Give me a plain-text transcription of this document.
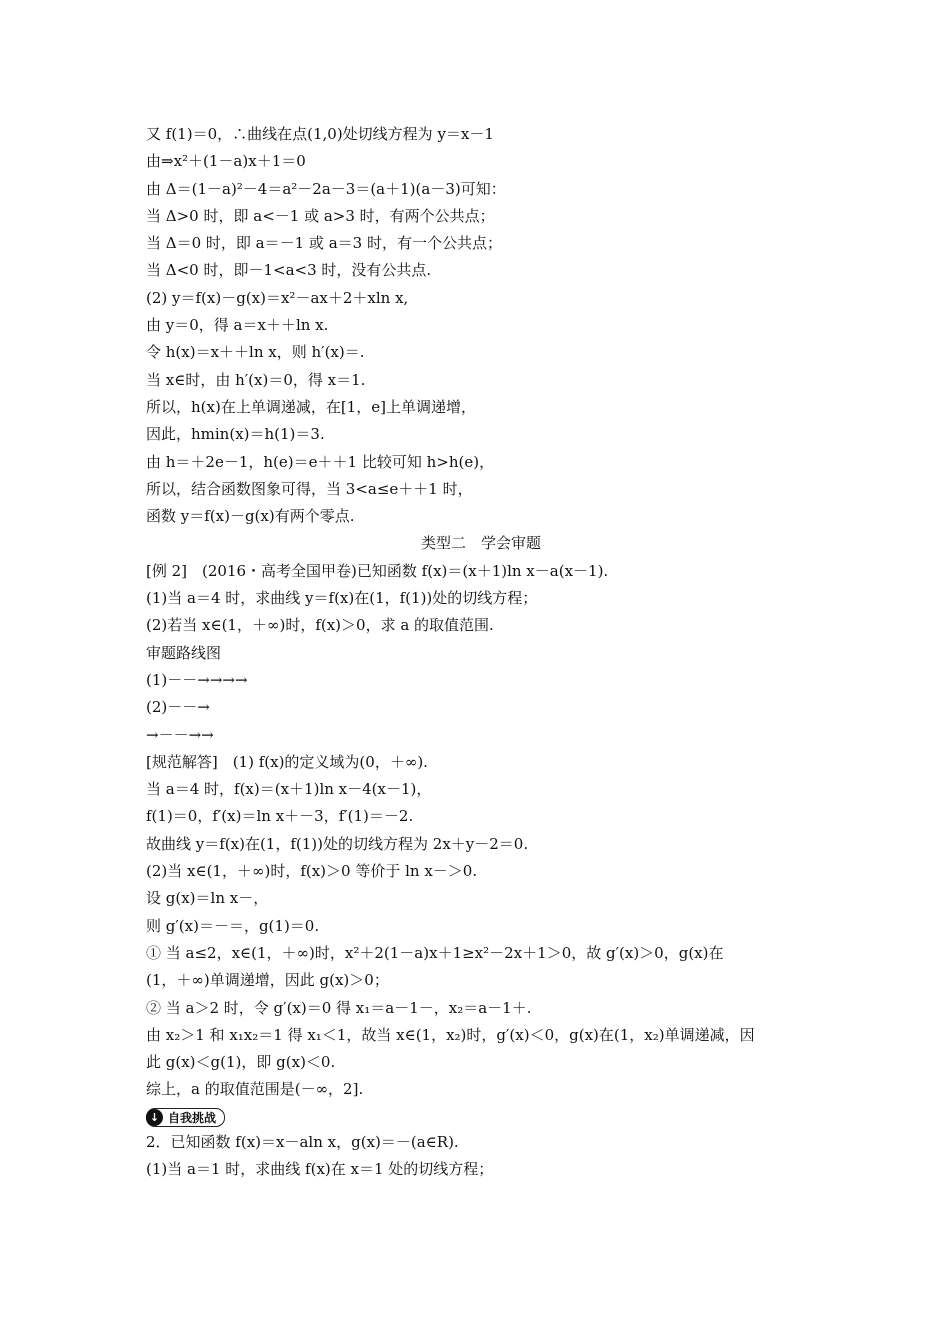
又 f(1)＝0，∴曲线在点(1,0)处切线方程为 y＝x－1
由⇒x²＋(1－a)x＋1＝0
由 Δ＝(1－a)²－4＝a²－2a－3＝(a＋1)(a－3)可知：
当 Δ>0 时，即 a<－1 或 a>3 时，有两个公共点；
当 Δ＝0 时，即 a＝－1 或 a＝3 时，有一个公共点；
当 Δ<0 时，即－1<a<3 时，没有公共点.
(2) y＝f(x)－g(x)＝x²－ax＋2＋xln x,
由 y＝0，得 a＝x＋＋ln x.
令 h(x)＝x＋＋ln x，则 h′(x)＝.
当 x∈时，由 h′(x)＝0，得 x＝1.
所以，h(x)在上单调递减，在[1，e]上单调递增，
因此，hmin(x)＝h(1)＝3.
由 h＝＋2e－1，h(e)＝e＋＋1 比较可知 h>h(e)，
所以，结合函数图象可得，当 3<a≤e＋＋1 时，
函数 y＝f(x)－g(x)有两个零点.
类型二　学会审题
[例 2]　(2016・高考全国甲卷)已知函数 f(x)＝(x＋1)ln x－a(x－1).
(1)当 a＝4 时，求曲线 y＝f(x)在(1，f(1))处的切线方程；
(2)若当 x∈(1，＋∞)时，f(x)＞0，求 a 的取值范围.
审题路线图
(1)－－→→→→
(2)－－→
→－－→→
[规范解答]　(1) f(x)的定义域为(0，＋∞).
当 a＝4 时，f(x)＝(x＋1)ln x－4(x－1)，
f(1)＝0，f′(x)＝ln x＋－3，f′(1)＝－2.
故曲线 y＝f(x)在(1，f(1))处的切线方程为 2x＋y－2＝0.
(2)当 x∈(1，＋∞)时，f(x)＞0 等价于 ln x－＞0.
设 g(x)＝ln x－，
则 g′(x)＝－＝，g(1)＝0.
① 当 a≤2，x∈(1，＋∞)时，x²＋2(1－a)x＋1≥x²－2x＋1＞0，故 g′(x)＞0，g(x)在
(1，＋∞)单调递增，因此 g(x)＞0；
② 当 a＞2 时，令 g′(x)＝0 得 x₁＝a－1－，x₂＝a－1＋.
由 x₂＞1 和 x₁x₂＝1 得 x₁＜1，故当 x∈(1，x₂)时，g′(x)＜0，g(x)在(1，x₂)单调递减，因
此 g(x)＜g(1)，即 g(x)＜0.
综上，a 的取值范围是(－∞，2].
↓ 自我挑战
2．已知函数 f(x)＝x－aln x，g(x)＝－(a∈R).
(1)当 a＝1 时，求曲线 f(x)在 x＝1 处的切线方程；
